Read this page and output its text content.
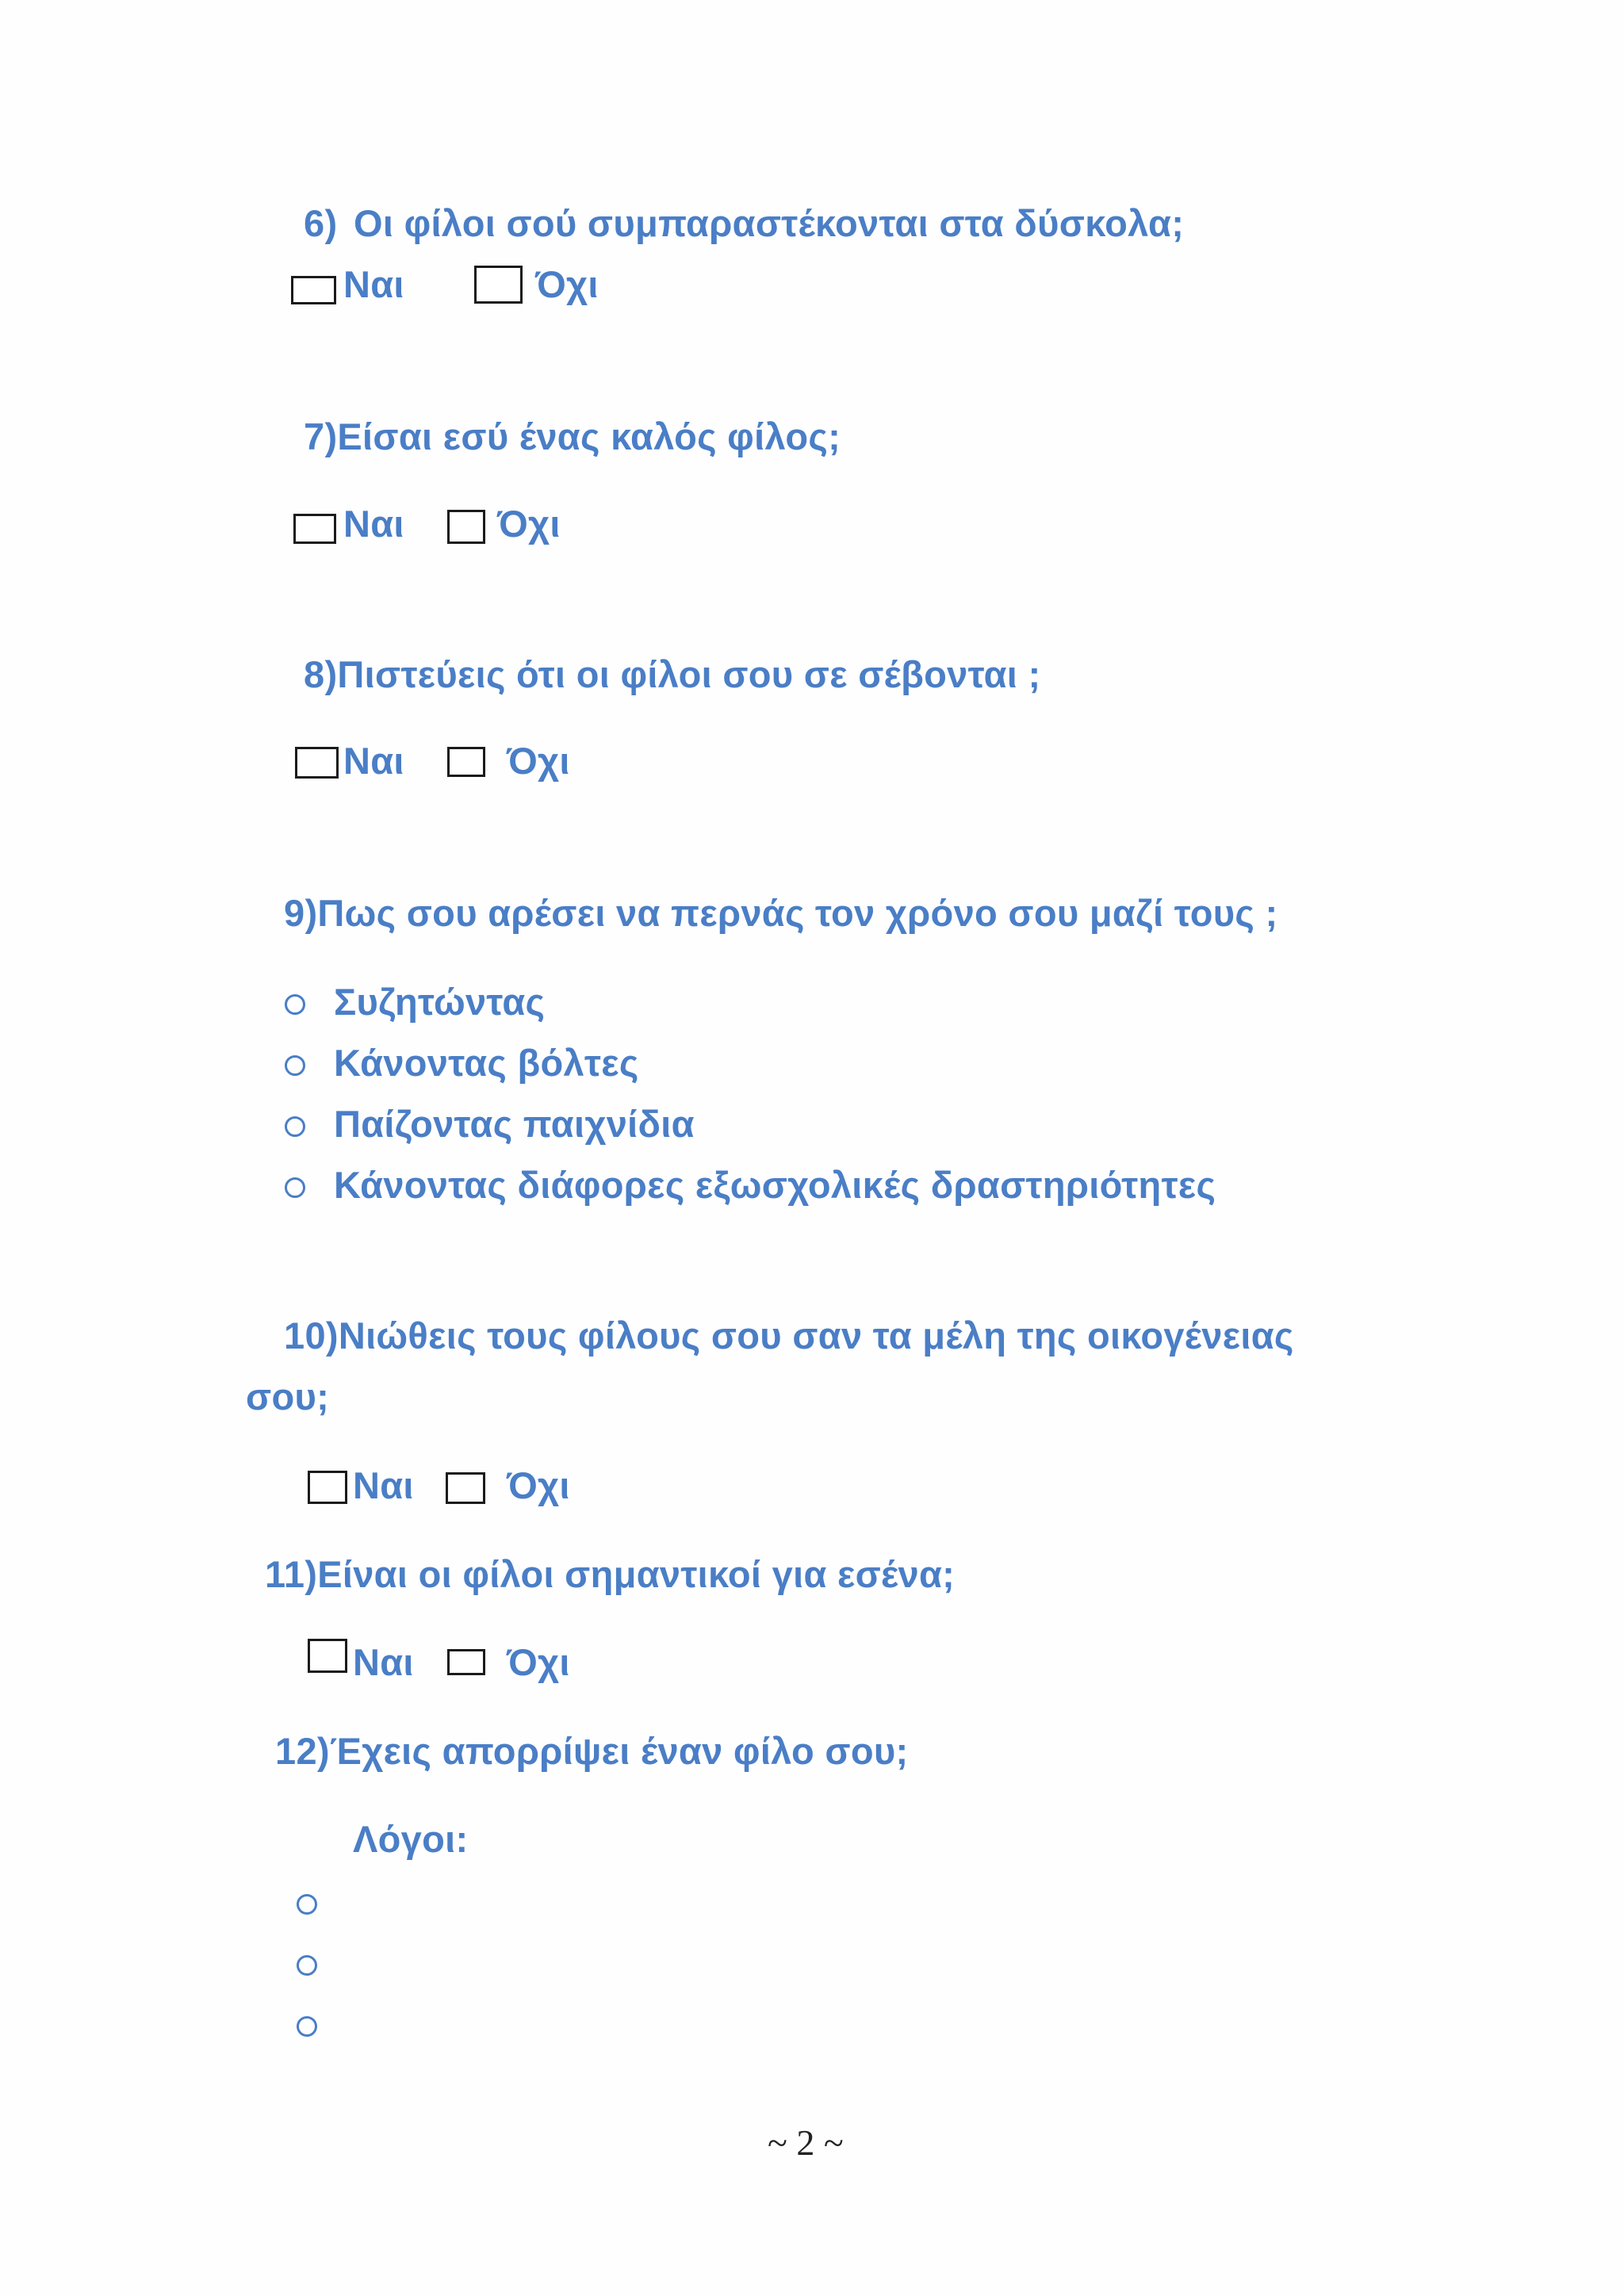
6) Οι φίλοι σού συμπαραστέκονται στα δύσκολα;
Ναι	Όχι
7)Είσαι εσύ ένας καλός φίλος;
Ναι Όχι
8)Πιστεύεις ότι οι φίλοι σου σε σέβονται ;
Ναι	Όχι
9)Πως σου αρέσει να περνάς τον χρόνο σου μαζί τους ;
Συζητώντας
Κάνοντας βόλτες
Παίζοντας παιχνίδια
Κάνοντας διάφορες εξωσχολικές δραστηριότητες
10)Νιώθεις τους φίλους σου σαν τα μέλη της οικογένειας
σου;
Ναι Όχι
11)Είναι οι φίλοι σημαντικοί για εσένα;
Ναι Όχι
12)Έχεις απορρίψει έναν φίλο σου;
Λόγοι:
~ 2 ~
